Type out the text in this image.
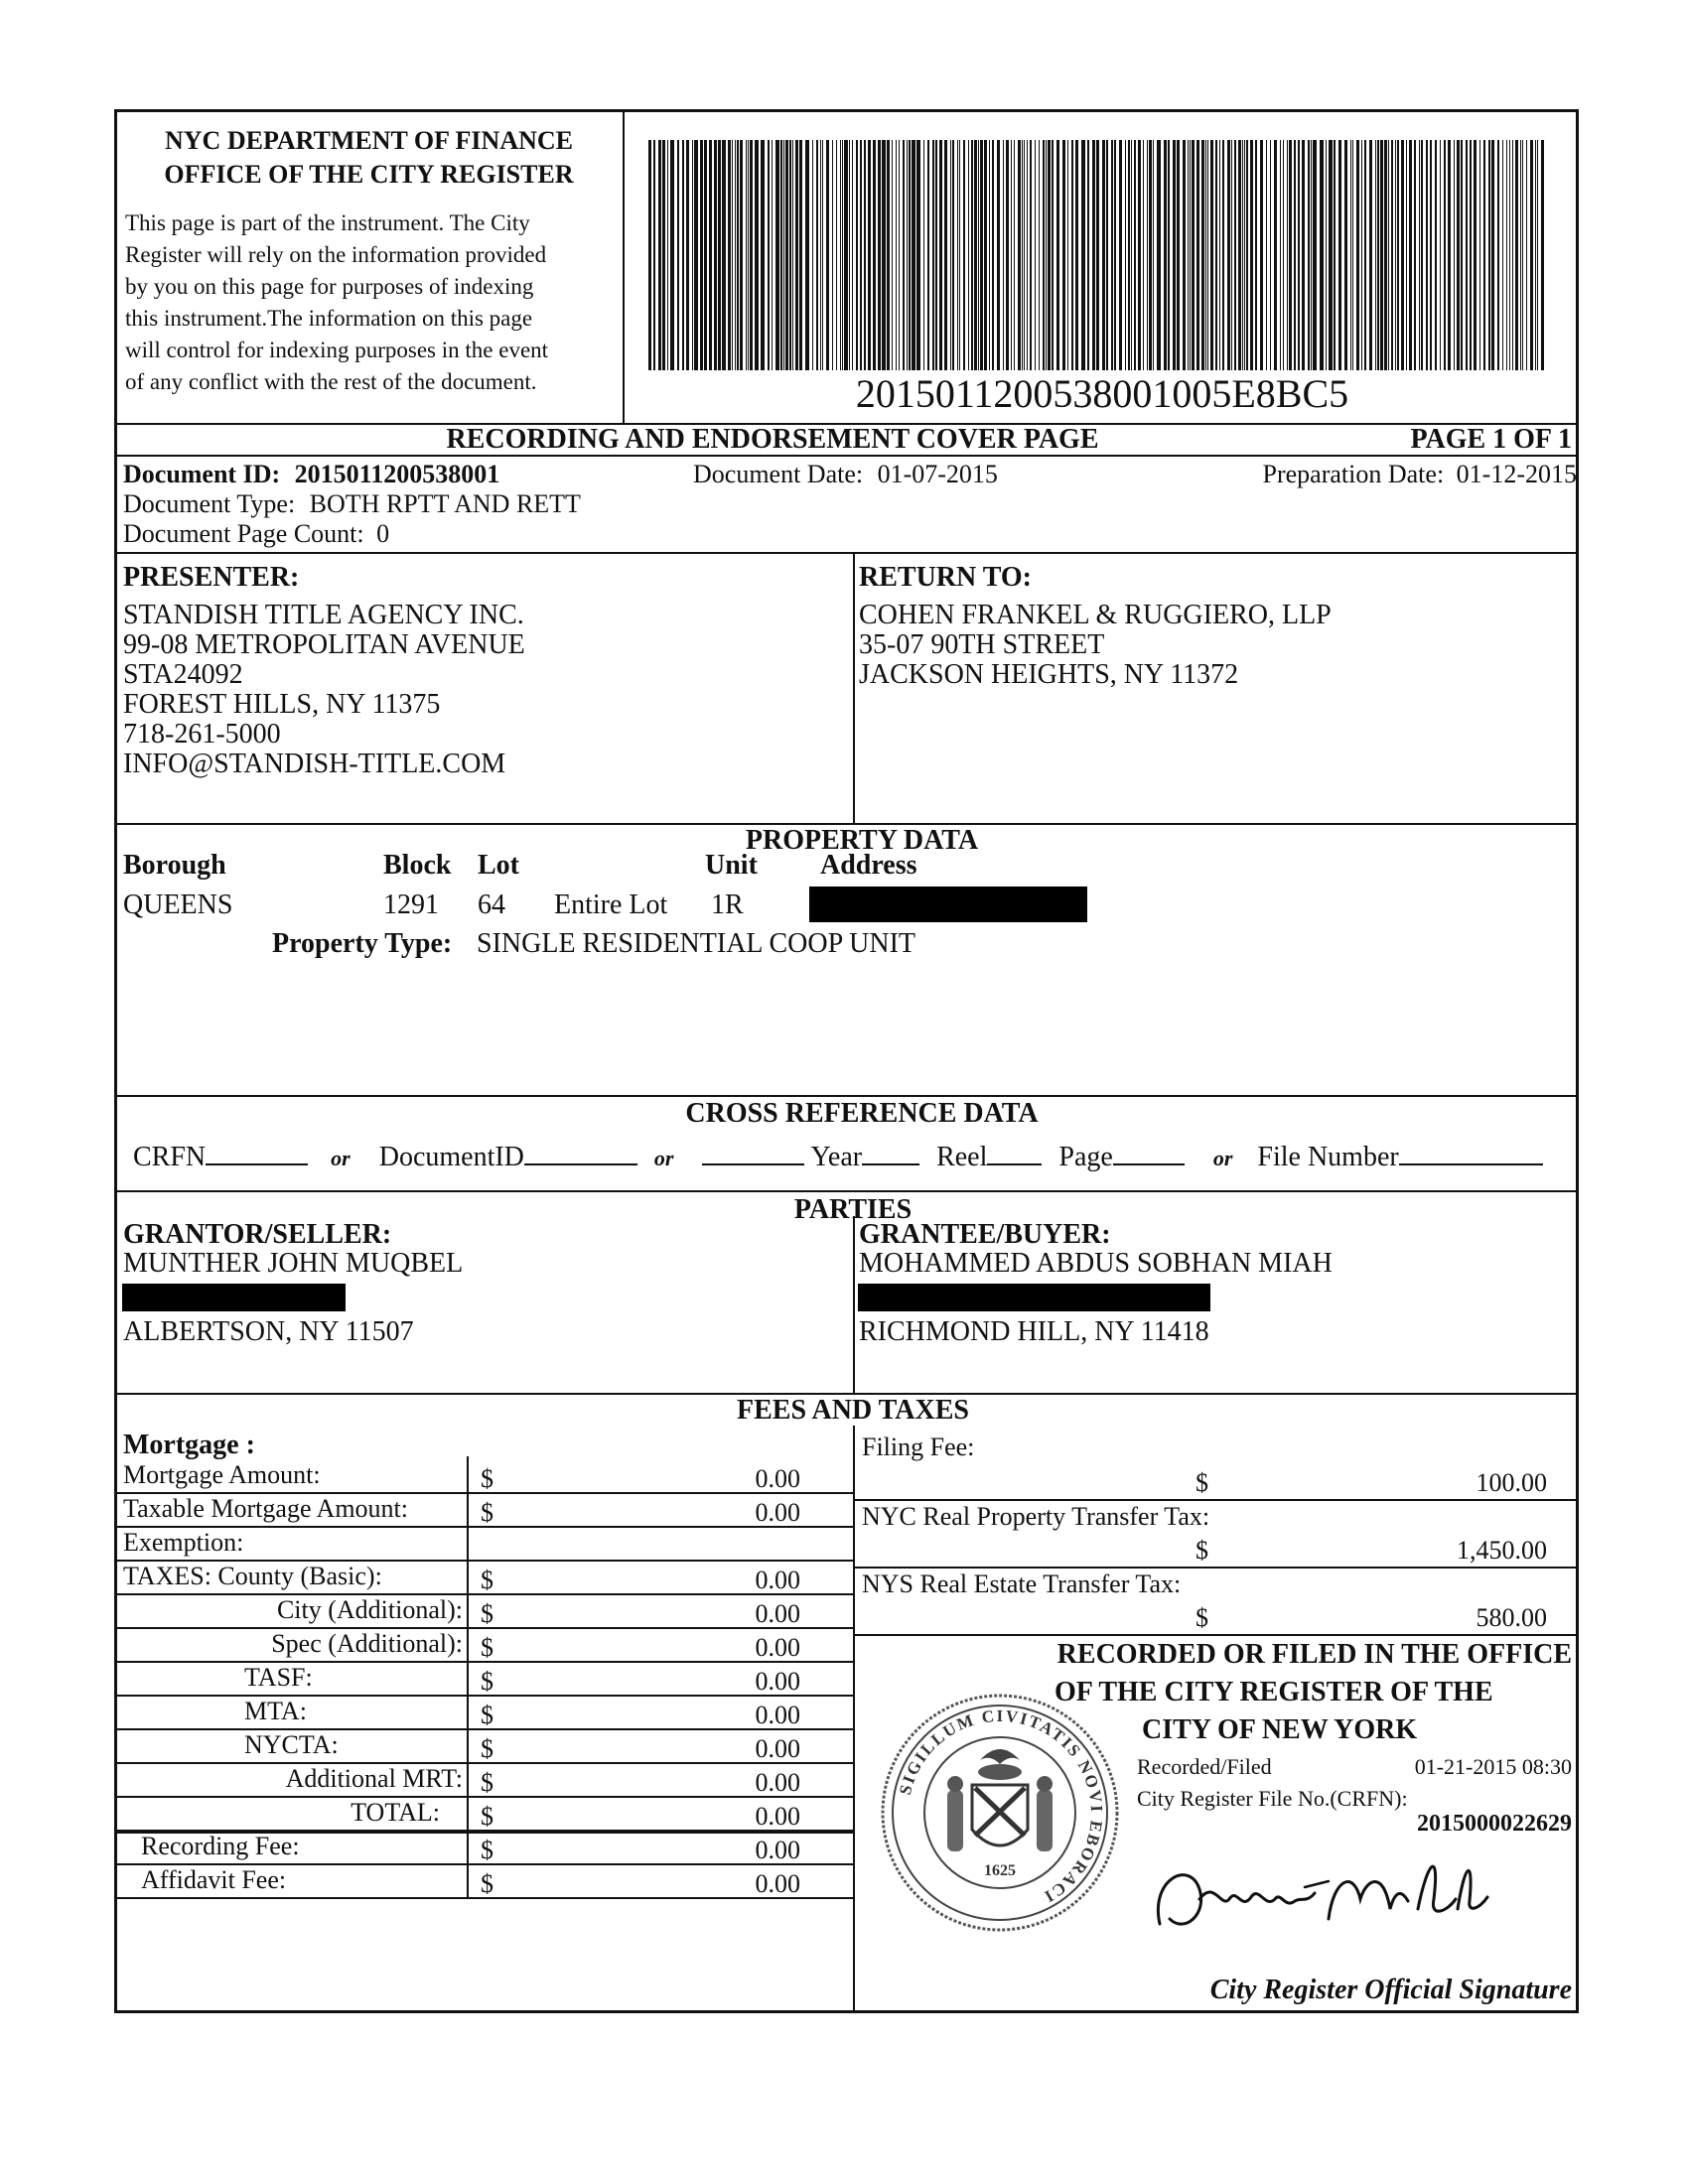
NYC DEPARTMENT OF FINANCE
OFFICE OF THE CITY REGISTER
This page is part of the instrument. The City
Register will rely on the information provided
by you on this page for purposes of indexing
this instrument.The information on this page
will control for indexing purposes in the event
of any conflict with the rest of the document.	2015011200538001005E8BC5
RECORDING AND ENDORSEMENT COVER PAGE	PAGE 1 OF 1
Document ID: 2015011200538001	Document Date: 01-07-2015	Preparation Date: 01-12-2015
Document Type: BOTH RPTT AND RETT
Document Page Count: 0
PRESENTER:
STANDISH TITLE AGENCY INC.
99-08 METROPOLITAN AVENUE
STA24092
FOREST HILLS, NY 11375
718-261-5000
INFO@STANDISH-TITLE.COM
RETURN TO:
COHEN FRANKEL & RUGGIERO, LLP
35-07 90TH STREET
JACKSON HEIGHTS, NY 11372
PROPERTY DATA
Borough	Block Lot	Unit Address
QUEENS	1291 64 Entire Lot 1R
Property Type: SINGLE RESIDENTIAL COOP UNIT
CROSS REFERENCE DATA
CRFN	or DocumentID	or	Year	Reel	Page	or File Number
PARTIES
GRANTOR/SELLER:
MUNTHER JOHN MUQBEL
ALBERTSON, NY 11507
GRANTEE/BUYER:
MOHAMMED ABDUS SOBHAN MIAH
RICHMOND HILL, NY 11418
FEES AND TAXES
Mortgage :
Mortgage Amount:	$	0.00
Taxable Mortgage Amount:	$	0.00
Exemption:
TAXES: County (Basic):	$	0.00
City (Additional): $	0.00
Spec (Additional): $	0.00
TASF:	$	0.00
MTA:	$	0.00
NYCTA:	$	0.00
Additional MRT: $	0.00
TOTAL: $	0.00
Recording Fee:	$	0.00
Affidavit Fee:	$	0.00
Filing Fee:
$	100.00
NYC Real Property Transfer Tax:
$	1,450.00
NYS Real Estate Transfer Tax:
$	580.00
RECORDED OR FILED IN THE OFFICE
OF THE CITY REGISTER OF THE
CITY OF NEW YORK
Recorded/Filed	01-21-2015 08:30
City Register File No.(CRFN):
2015000022629
SIGILLUM CIVITATIS NOVI EBORACI
1625
City Register Official Signature
